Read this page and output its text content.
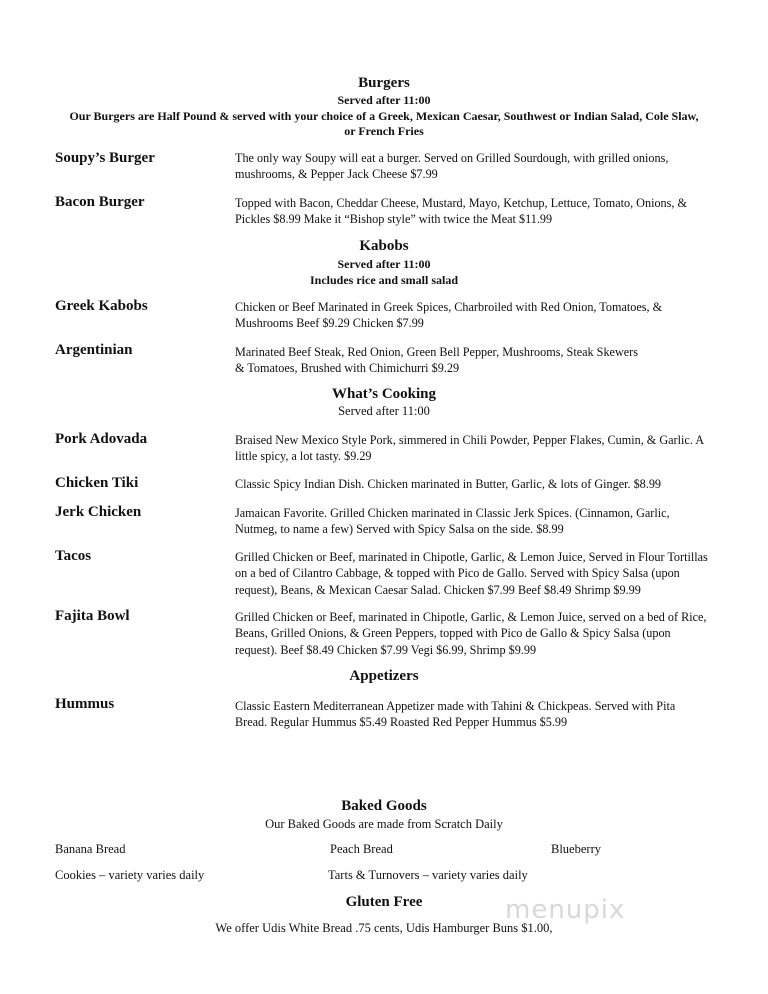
Burgers
Served after 11:00
Our Burgers are Half Pound & served with your choice of a Greek, Mexican Caesar, Southwest or Indian Salad, Cole Slaw,
or French Fries
Soupy’s Burger	The only way Soupy will eat a burger. Served on Grilled Sourdough, with grilled onions,
mushrooms, & Pepper Jack Cheese $7.99
Bacon Burger	Topped with Bacon, Cheddar Cheese, Mustard, Mayo, Ketchup, Lettuce, Tomato, Onions, &
Pickles $8.99 Make it “Bishop style” with twice the Meat $11.99
Kabobs
Served after 11:00
Includes rice and small salad
Greek Kabobs	Chicken or Beef Marinated in Greek Spices, Charbroiled with Red Onion, Tomatoes, &
Mushrooms Beef $9.29 Chicken $7.99
Argentinian	Marinated Beef Steak, Red Onion, Green Bell Pepper, Mushrooms, Steak Skewers
& Tomatoes, Brushed with Chimichurri $9.29
What’s Cooking
Served after 11:00
Pork Adovada	Braised New Mexico Style Pork, simmered in Chili Powder, Pepper Flakes, Cumin, & Garlic. A
little spicy, a lot tasty. $9.29
Chicken Tiki	Classic Spicy Indian Dish. Chicken marinated in Butter, Garlic, & lots of Ginger. $8.99
Jerk Chicken	Jamaican Favorite. Grilled Chicken marinated in Classic Jerk Spices. (Cinnamon, Garlic,
Nutmeg, to name a few) Served with Spicy Salsa on the side. $8.99
Tacos	Grilled Chicken or Beef, marinated in Chipotle, Garlic, & Lemon Juice, Served in Flour Tortillas
on a bed of Cilantro Cabbage, & topped with Pico de Gallo. Served with Spicy Salsa (upon
request), Beans, & Mexican Caesar Salad. Chicken $7.99 Beef $8.49 Shrimp $9.99
Fajita Bowl	Grilled Chicken or Beef, marinated in Chipotle, Garlic, & Lemon Juice, served on a bed of Rice,
Beans, Grilled Onions, & Green Peppers, topped with Pico de Gallo & Spicy Salsa (upon
request). Beef $8.49 Chicken $7.99 Vegi $6.99, Shrimp $9.99
Appetizers
Hummus	Classic Eastern Mediterranean Appetizer made with Tahini & Chickpeas. Served with Pita
Bread. Regular Hummus $5.49 Roasted Red Pepper Hummus $5.99
Baked Goods
Our Baked Goods are made from Scratch Daily
Banana Bread	Peach Bread	Blueberry
Cookies – variety varies daily	Tarts & Turnovers – variety varies daily
Gluten Free
We offer Udis White Bread .75 cents, Udis Hamburger Buns $1.00,
menupix
